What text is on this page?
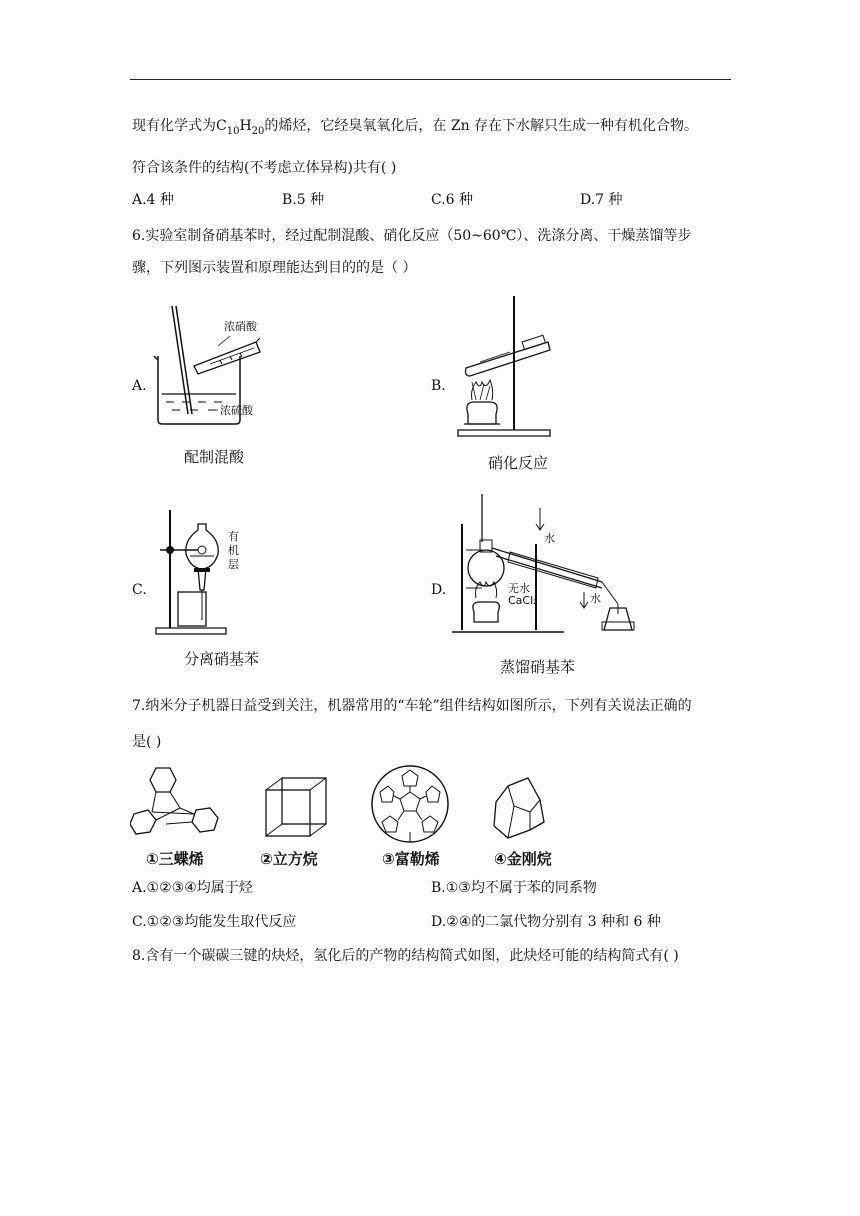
现有化学式为$C_{10}H_{20}$的烯烃，它经臭氧氧化后，在 Zn 存在下水解只生成一种有机化合物。
符合该条件的结构(不考虑立体异构)共有( )
A.4 种	B.5 种	C.6 种	D.7 种
6.实验室制备硝基苯时，经过配制混酸、硝化反应（50~60℃）、洗涤分离、干燥蒸馏等步
骤，下列图示装置和原理能达到目的的是（ ）
A.
浓硝酸
浓硫酸
配制混酸
B.
硝化反应
C.
有
机
层
分离硝基苯
D.
水
无水
CaCl₂	水
蒸馏硝基苯
7.纳米分子机器日益受到关注，机器常用的“车轮”组件结构如图所示，下列有关说法正确的
是( )
①三蝶烯	②立方烷	③富勒烯	④金刚烷
A.①②③④均属于烃	B.①③均不属于苯的同系物
C.①②③均能发生取代反应	D.②④的二氯代物分别有 3 种和 6 种
8.含有一个碳碳三键的炔烃，氢化后的产物的结构简式如图，此炔烃可能的结构简式有( )
